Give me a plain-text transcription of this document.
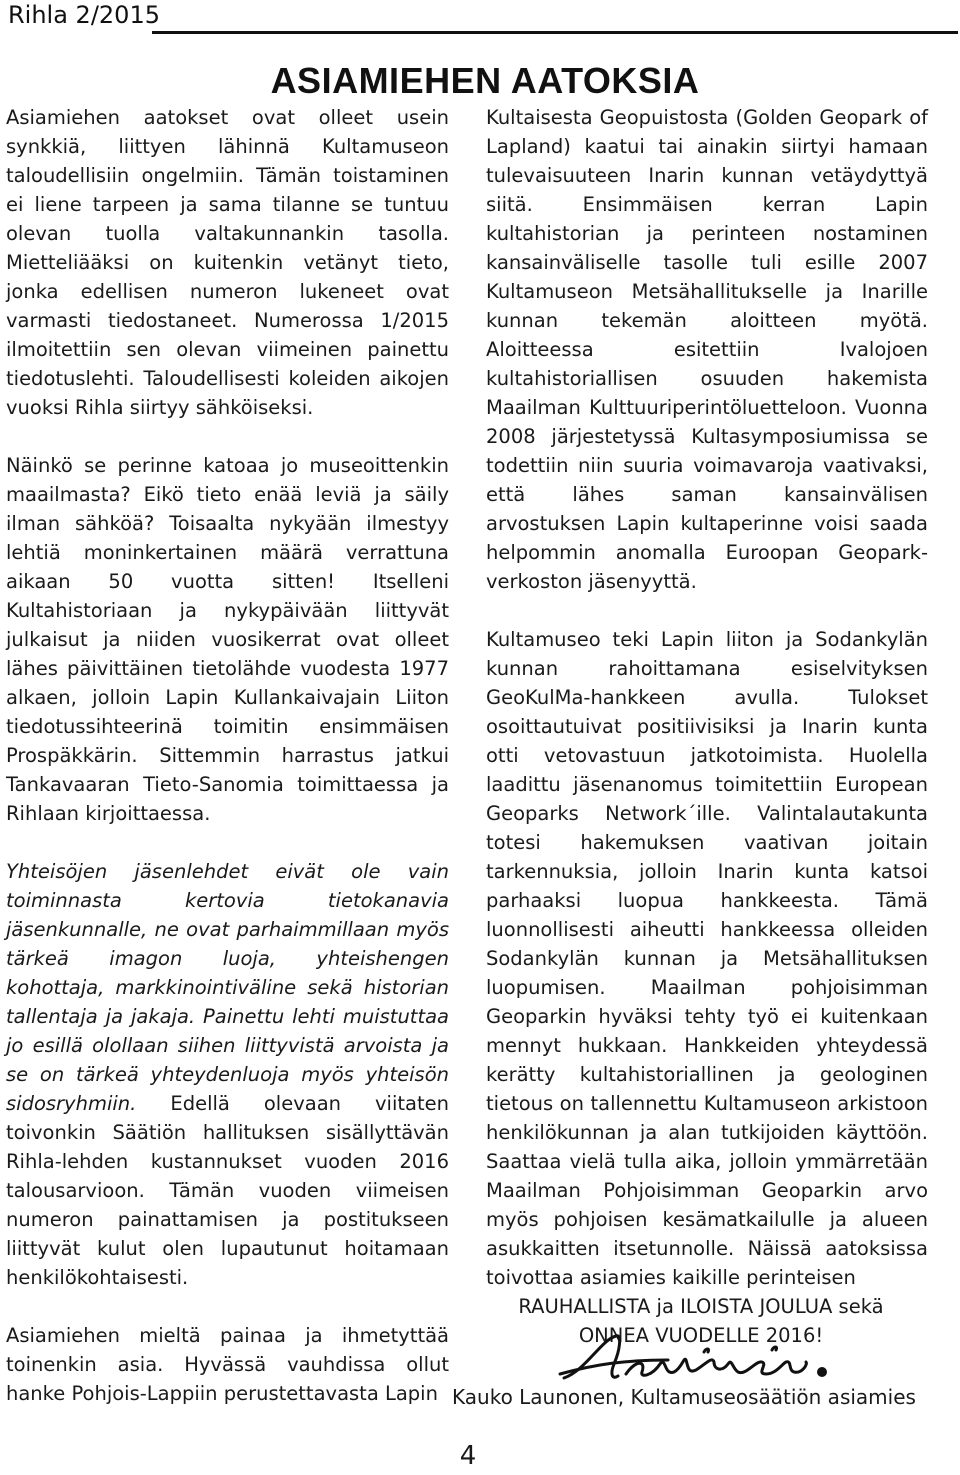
Rihla 2/2015
ASIAMIEHEN AATOKSIA

Asiamiehen aatokset ovat olleet usein synkkiä, liittyen lähinnä Kultamuseon taloudellisiin ongelmiin. Tämän toistaminen ei liene tarpeen ja sama tilanne se tuntuu olevan tuolla valtakunnankin tasolla. Mietteliääksi on kuitenkin vetänyt tieto, jonka edellisen numeron lukeneet ovat varmasti tiedostaneet. Numerossa 1/2015 ilmoitettiin sen olevan viimeinen painettu tiedotuslehti. Taloudellisesti koleiden aikojen vuoksi Rihla siirtyy sähköiseksi.

Näinkö se perinne katoaa jo museoittenkin maailmasta? Eikö tieto enää leviä ja säily ilman sähköä? Toisaalta nykyään ilmestyy lehtiä moninkertainen määrä verrattuna aikaan 50 vuotta sitten! Itselleni Kultahistoriaan ja nykypäivään liittyvät julkaisut ja niiden vuosikerrat ovat olleet lähes päivittäinen tietolähde vuodesta 1977 alkaen, jolloin Lapin Kullankaivajain Liiton tiedotussihteerinä toimitin ensimmäisen Prospäkkärin. Sittemmin harrastus jatkui Tankavaaran Tieto-Sanomia toimittaessa ja Rihlaan kirjoittaessa.

Yhteisöjen jäsenlehdet eivät ole vain toiminnasta kertovia tietokanavia jäsenkunnalle, ne ovat parhaimmillaan myös tärkeä imagon luoja, yhteishengen kohottaja, markkinointiväline sekä historian tallentaja ja jakaja. Painettu lehti muistuttaa jo esillä olollaan siihen liittyvistä arvoista ja se on tärkeä yhteydenluoja myös yhteisön sidosryhmiin. Edellä olevaan viitaten toivonkin Säätiön hallituksen sisällyttävän Rihla-lehden kustannukset vuoden 2016 talousarvioon. Tämän vuoden viimeisen numeron painattamisen ja postitukseen liittyvät kulut olen lupautunut hoitamaan henkilökohtaisesti.

Asiamiehen mieltä painaa ja ihmetyttää toinenkin asia. Hyvässä vauhdissa ollut hanke Pohjois-Lappiin perustettavasta Lapin

Kultaisesta Geopuistosta (Golden Geopark of Lapland) kaatui tai ainakin siirtyi hamaan tulevaisuuteen Inarin kunnan vetäydyttyä siitä. Ensimmäisen kerran Lapin kultahistorian ja perinteen nostaminen kansainväliselle tasolle tuli esille 2007 Kultamuseon Metsähallitukselle ja Inarille kunnan tekemän aloitteen myötä. Aloitteessa esitettiin Ivalojoen kultahistoriallisen osuuden hakemista Maailman Kulttuuriperintöluetteloon. Vuonna 2008 järjestetyssä Kultasymposiumissa se todettiin niin suuria voimavaroja vaativaksi, että lähes saman kansainvälisen arvostuksen Lapin kultaperinne voisi saada helpommin anomalla Euroopan Geopark-verkoston jäsenyyttä.

Kultamuseo teki Lapin liiton ja Sodankylän kunnan rahoittamana esiselvityksen GeoKulMa-hankkeen avulla. Tulokset osoittautuivat positiivisiksi ja Inarin kunta otti vetovastuun jatkotoimista. Huolella laadittu jäsenanomus toimitettiin European Geoparks Network´ille. Valintalautakunta totesi hakemuksen vaativan joitain tarkennuksia, jolloin Inarin kunta katsoi parhaaksi luopua hankkeesta. Tämä luonnollisesti aiheutti hankkeessa olleiden Sodankylän kunnan ja Metsähallituksen luopumisen. Maailman pohjoisimman Geoparkin hyväksi tehty työ ei kuitenkaan mennyt hukkaan. Hankkeiden yhteydessä kerätty kultahistoriallinen ja geologinen tietous on tallennettu Kultamuseon arkistoon henkilökunnan ja alan tutkijoiden käyttöön. Saattaa vielä tulla aika, jolloin ymmärretään Maailman Pohjoisimman Geoparkin arvo myös pohjoisen kesämatkailulle ja alueen asukkaitten itsetunnolle. Näissä aatoksissa toivottaa asiamies kaikille perinteisen

RAUHALLISTA ja ILOISTA JOULUA sekä

ONNEA VUODELLE 2016!

Kauko Launonen, Kultamuseosäätiön asiamies
4
